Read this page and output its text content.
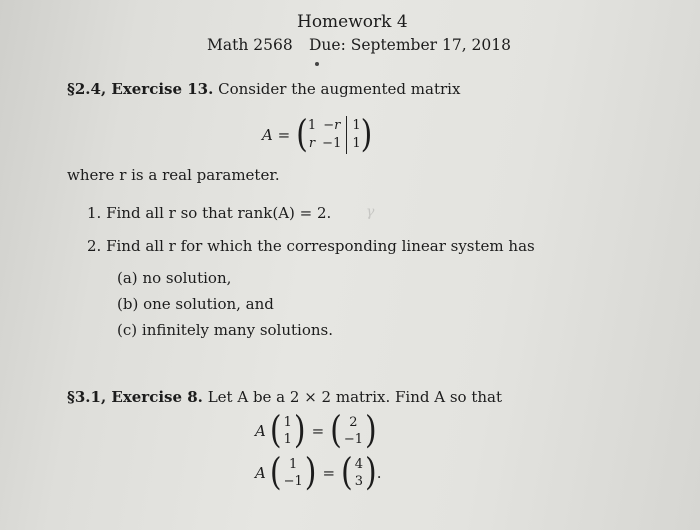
Homework 4
Math 2568 Due: September 17, 2018
§2.4, Exercise 13. Consider the augmented matrix
A = ( 1 −r
r −1
1
1 )
where r is a real parameter.
1. Find all r so that rank(A) = 2. γ
2. Find all r for which the corresponding linear system has
(a) no solution,
(b) one solution, and
(c) infinitely many solutions.
§3.1, Exercise 8. Let A be a 2 × 2 matrix. Find A so that
A ( 1
1 ) = ( 2
−1 )
A ( 1
−1 ) = ( 4
3 ) .
